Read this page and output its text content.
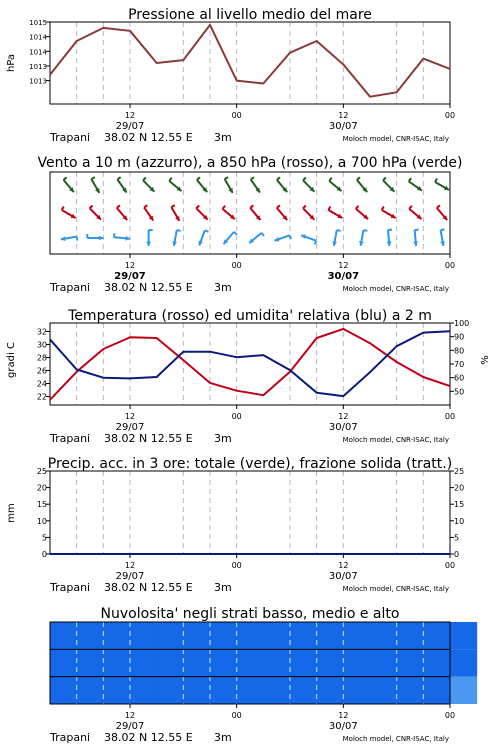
Pressione al livello medio del mare
hPa
1013
1013
1014
1014
1015
12	00	12	00
29/07	30/07
Trapani 38.02 N 12.55 E 3m	Moloch model, CNR-ISAC, Italy
Vento a 10 m (azzurro), a 850 hPa (rosso), a 700 hPa (verde)
12	00	12	00
29/07	30/07
Trapani 38.02 N 12.55 E 3m	Moloch model, CNR-ISAC, Italy
Temperatura (rosso) ed umidita' relativa (blu) a 2 m
gradi C	%
22
24
26
28
30
32
50
60
70
80
90
100
12	00	12	00
29/07	30/07
Trapani 38.02 N 12.55 E 3m	Moloch model, CNR-ISAC, Italy
Precip. acc. in 3 ore: totale (verde), frazione solida (tratt.)
mm
0
5
10
15
20
25
0
5
10
15
20
25
12	00	12	00
29/07	30/07
Trapani 38.02 N 12.55 E 3m	Moloch model, CNR-ISAC, Italy
Nuvolosita' negli strati basso, medio e alto
12	00	12	00
29/07	30/07
Trapani 38.02 N 12.55 E 3m	Moloch model, CNR-ISAC, Italy
